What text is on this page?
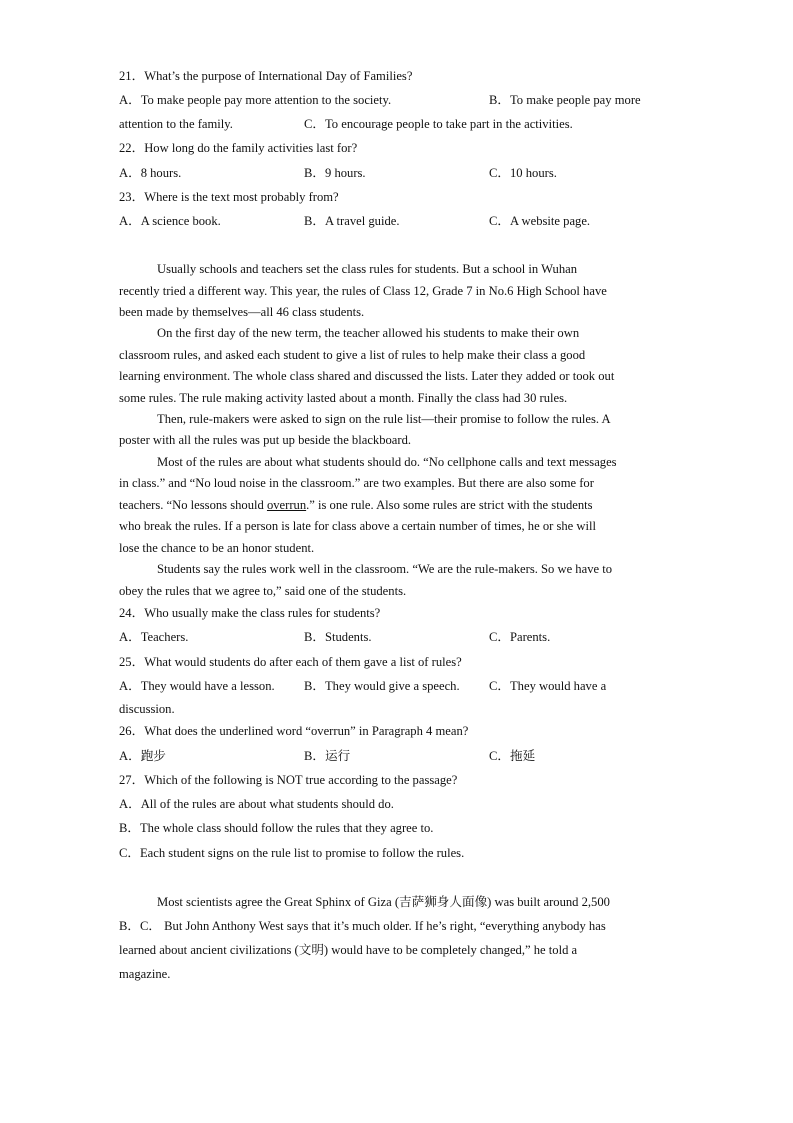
21．What’s the purpose of International Day of Families?
A．To make people pay more attention to the society.	B．To make people pay more
attention to the family.	C．To encourage people to take part in the activities.
22．How long do the family activities last for?
A．8 hours.	B．9 hours.	C．10 hours.
23．Where is the text most probably from?
A．A science book.	B．A travel guide.	C．A website page.
Usually schools and teachers set the class rules for students. But a school in Wuhan
recently tried a different way. This year, the rules of Class 12, Grade 7 in No.6 High School have
been made by themselves—all 46 class students.
On the first day of the new term, the teacher allowed his students to make their own
classroom rules, and asked each student to give a list of rules to help make their class a good
learning environment. The whole class shared and discussed the lists. Later they added or took out
some rules. The rule making activity lasted about a month. Finally the class had 30 rules.
Then, rule-makers were asked to sign on the rule list—their promise to follow the rules. A
poster with all the rules was put up beside the blackboard.
Most of the rules are about what students should do. “No cellphone calls and text messages
in class.” and “No loud noise in the classroom.” are two examples. But there are also some for
teachers. “No lessons should overrun.” is one rule. Also some rules are strict with the students
who break the rules. If a person is late for class above a certain number of times, he or she will
lose the chance to be an honor student.
Students say the rules work well in the classroom. “We are the rule-makers. So we have to
obey the rules that we agree to,” said one of the students.
24．Who usually make the class rules for students?
A．Teachers.	B．Students.	C．Parents.
25．What would students do after each of them gave a list of rules?
A．They would have a lesson. B．They would give a speech. C．They would have a
discussion.
26．What does the underlined word “overrun” in Paragraph 4 mean?
A．跑步	B．运行	C．拖延
27．Which of the following is NOT true according to the passage?
A．All of the rules are about what students should do.
B．The whole class should follow the rules that they agree to.
C．Each student signs on the rule list to promise to follow the rules.
Most scientists agree the Great Sphinx of Giza (吉萨狮身人面像) was built around 2,500
B．C． But John Anthony West says that it’s much older. If he’s right, “everything anybody has
learned about ancient civilizations (文明) would have to be completely changed,” he told a
magazine.
